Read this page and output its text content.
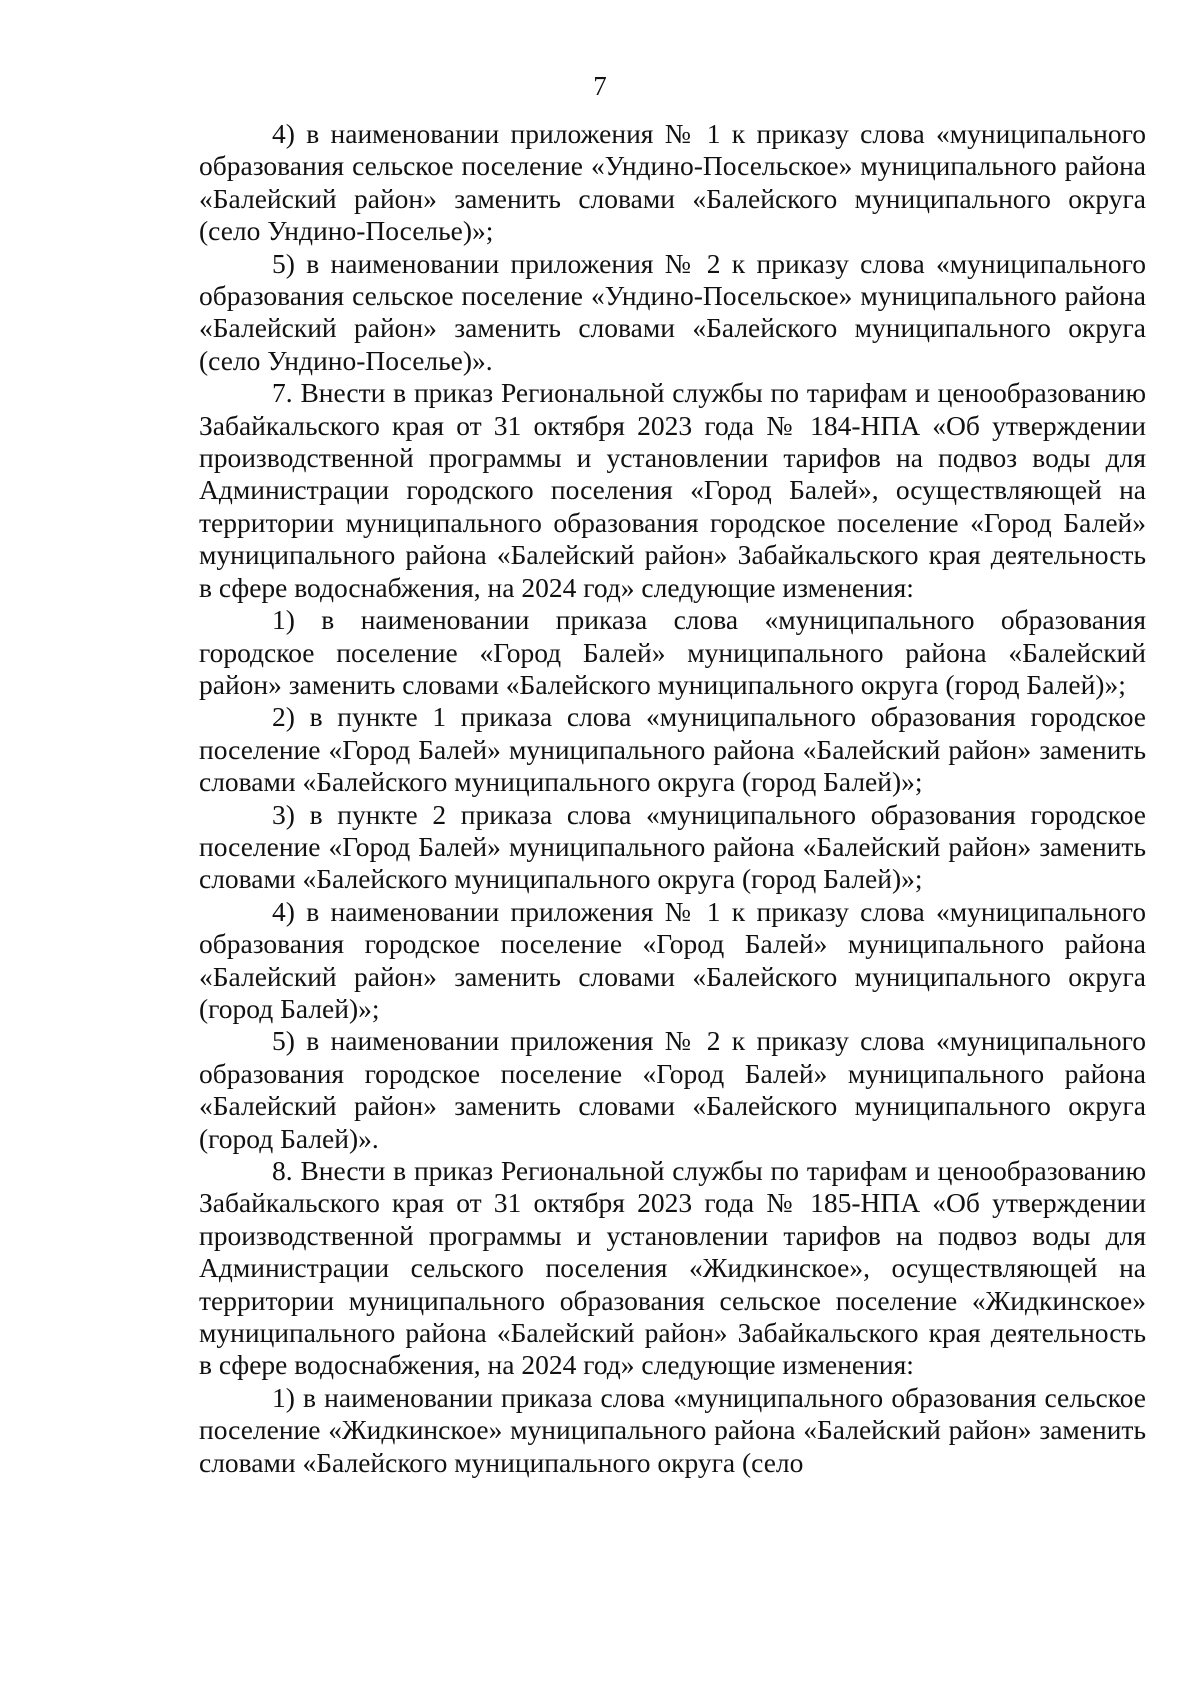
7

4) в наименовании приложения № 1 к приказу слова «муниципального образования сельское поселение «Ундино-Посельское» муниципального района «Балейский район» заменить словами «Балейского муниципального округа (село Ундино-Поселье)»;

5) в наименовании приложения № 2 к приказу слова «муниципального образования сельское поселение «Ундино-Посельское» муниципального района «Балейский район» заменить словами «Балейского муниципального округа (село Ундино-Поселье)».

7. Внести в приказ Региональной службы по тарифам и ценообразованию Забайкальского края от 31 октября 2023 года № 184-НПА «Об утверждении производственной программы и установлении тарифов на подвоз воды для Администрации городского поселения «Город Балей», осуществляющей на территории муниципального образования городское поселение «Город Балей» муниципального района «Балейский район» Забайкальского края деятельность в сфере водоснабжения, на 2024 год» следующие изменения:

1) в наименовании приказа слова «муниципального образования городское поселение «Город Балей» муниципального района «Балейский район» заменить словами «Балейского муниципального округа (город Балей)»;

2) в пункте 1 приказа слова «муниципального образования городское поселение «Город Балей» муниципального района «Балейский район» заменить словами «Балейского муниципального округа (город Балей)»;

3) в пункте 2 приказа слова «муниципального образования городское поселение «Город Балей» муниципального района «Балейский район» заменить словами «Балейского муниципального округа (город Балей)»;

4) в наименовании приложения № 1 к приказу слова «муниципального образования городское поселение «Город Балей» муниципального района «Балейский район» заменить словами «Балейского муниципального округа (город Балей)»;

5) в наименовании приложения № 2 к приказу слова «муниципального образования городское поселение «Город Балей» муниципального района «Балейский район» заменить словами «Балейского муниципального округа (город Балей)».

8. Внести в приказ Региональной службы по тарифам и ценообразованию Забайкальского края от 31 октября 2023 года № 185-НПА «Об утверждении производственной программы и установлении тарифов на подвоз воды для Администрации сельского поселения «Жидкинское», осуществляющей на территории муниципального образования сельское поселение «Жидкинское» муниципального района «Балейский район» Забайкальского края деятельность в сфере водоснабжения, на 2024 год» следующие изменения:

1) в наименовании приказа слова «муниципального образования сельское поселение «Жидкинское» муниципального района «Балейский район» заменить словами «Балейского муниципального округа (село
